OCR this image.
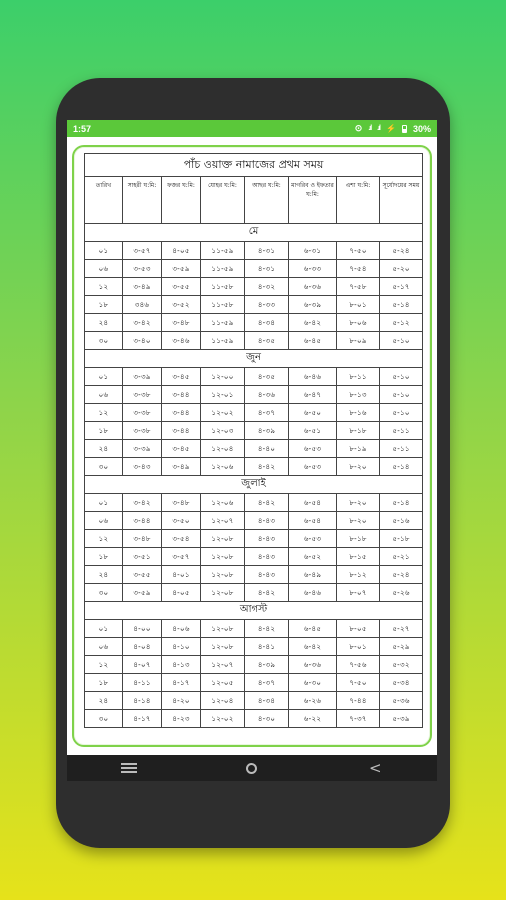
1:57	⊙ .ıl .ıl ⚡ 30%
পাঁচ ওয়াক্ত নামাজের প্রথম সময়							
তারিখ	সাহরী ঘ:মি:	ফজর ঘ:মি:	যোহর ঘ:মি:	আছর ঘ:মি:	মাগরিব ও ইফতার ঘ:মি:	এশা ঘ:মি:	সূর্যোদয়ের সময়
মে							
০১	৩-৫৭	৪-০৫	১১-৫৯	৪-৩১	৬-৩১	৭-৫০	৫-২৪
০৬	৩-৫৩	৩-৫৯	১১-৫৯	৪-৩১	৬-৩৩	৭-৫৪	৫-২০
১২	৩-৪৯	৩-৫৫	১১-৫৮	৪-৩২	৬-৩৬	৭-৫৮	৫-১৭
১৮	৩৪৬	৩-৫২	১১-৫৮	৪-৩৩	৬-৩৯	৮-০১	৫-১৪
২৪	৩-৪২	৩-৪৮	১১-৫৯	৪-৩৪	৬-৪২	৮-০৬	৫-১২
৩০	৩-৪০	৩-৪৬	১১-৫৯	৪-৩৫	৬-৪৫	৮-০৯	৫-১০
জুন							
০১	৩-৩৯	৩-৪৫	১২-০০	৪-৩৫	৬-৪৬	৮-১১	৫-১০
০৬	৩-৩৮	৩-৪৪	১২-০১	৪-৩৬	৬-৪৭	৮-১৩	৫-১০
১২	৩-৩৮	৩-৪৪	১২-০২	৪-৩৭	৬-৫০	৮-১৬	৫-১০
১৮	৩-৩৮	৩-৪৪	১২-০৩	৪-৩৯	৬-৫১	৮-১৮	৫-১১
২৪	৩-৩৯	৩-৪৫	১২-০৪	৪-৪০	৬-৫৩	৮-১৯	৫-১১
৩০	৩-৪৩	৩-৪৯	১২-০৬	৪-৪২	৬-৫৩	৮-২০	৫-১৪
জুলাই							
০১	৩-৪২	৩-৪৮	১২-০৬	৪-৪২	৬-৫৪	৮-২০	৫-১৪
০৬	৩-৪৪	৩-৫০	১২-০৭	৪-৪৩	৬-৫৪	৮-২০	৫-১৬
১২	৩-৪৮	৩-৫৪	১২-০৮	৪-৪৩	৬-৫৩	৮-১৮	৫-১৮
১৮	৩-৫১	৩-৫৭	১২-০৮	৪-৪৩	৬-৫২	৮-১৫	৫-২১
২৪	৩-৫৫	৪-০১	১২-০৮	৪-৪৩	৬-৪৯	৮-১২	৫-২৪
৩০	৩-৫৯	৪-০৫	১২-০৮	৪-৪২	৬-৪৬	৮-০৭	৫-২৬
আগস্ট							
০১	৪-০০	৪-০৬	১২-০৮	৪-৪২	৬-৪৫	৮-০৫	৫-২৭
০৬	৪-০৪	৪-১০	১২-০৮	৪-৪১	৬-৪২	৮-০১	৫-২৯
১২	৪-০৭	৪-১৩	১২-০৭	৪-৩৯	৬-৩৬	৭-৫৬	৫-৩২
১৮	৪-১১	৪-১৭	১২-০৫	৪-৩৭	৬-৩০	৭-৫০	৫-৩৪
২৪	৪-১৪	৪-২০	১২-০৪	৪-৩৪	৬-২৬	৭-৪৪	৫-৩৬
৩০	৪-১৭	৪-২৩	১২-০২	৪-৩০	৬-২২	৭-৩৭	৫-৩৯
<
